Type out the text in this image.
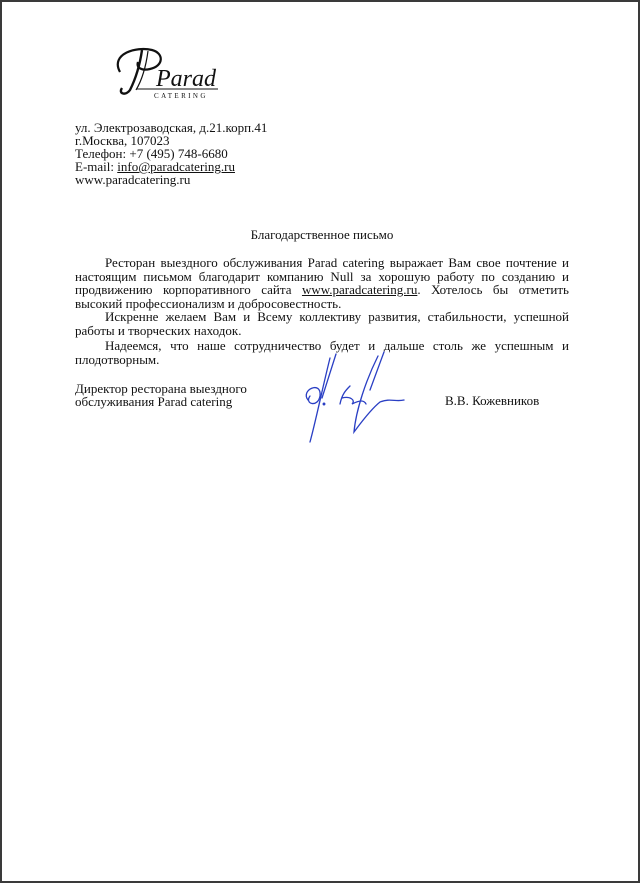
Parad
CATERING
ул. Электрозаводская, д.21.корп.41
г.Москва, 107023
Телефон: +7 (495) 748-6680
E-mail: info@paradcatering.ru
www.paradcatering.ru
Благодарственное письмо

Ресторан выездного обслуживания Parad catering выражает Вам свое почтение и настоящим письмом благодарит компанию Null за хорошую работу по созданию и продвижению корпоративного сайта www.paradcatering.ru. Хотелось бы отметить высокий профессионализм и добросовестность.

Искренне желаем Вам и Всему коллективу развития, стабильности, успешной работы и творческих находок.

Надеемся, что наше сотрудничество будет и дальше столь же успешным и плодотворным.

Директор ресторана выездного
обслуживания Parad catering	В.В. Кожевников
